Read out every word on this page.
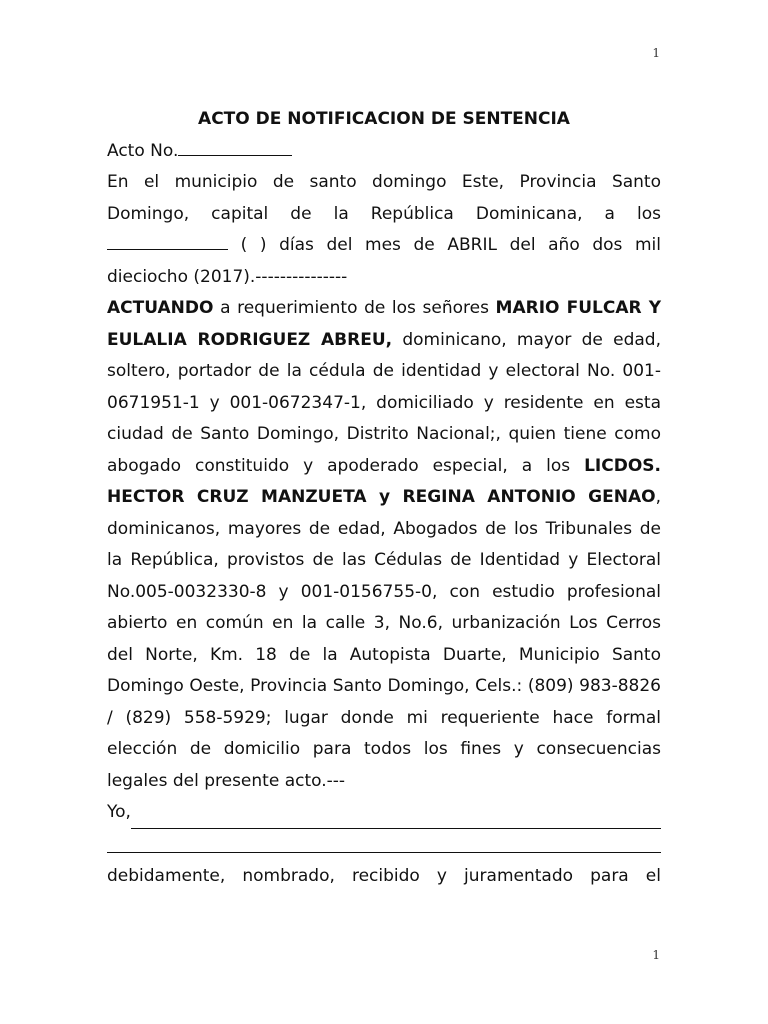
1
ACTO DE NOTIFICACION DE SENTENCIA
Acto No.

En el municipio de santo domingo Este, Provincia Santo Domingo, capital de la República Dominicana, a los  ( ) días del mes de ABRIL del año dos mil dieciocho (2017).---------------

ACTUANDO a requerimiento de los señores MARIO FULCAR Y EULALIA RODRIGUEZ ABREU, dominicano, mayor de edad, soltero, portador de la cédula de identidad y electoral No. 001-0671951-1 y 001-0672347-1, domiciliado y residente en esta ciudad de Santo Domingo, Distrito Nacional;, quien tiene como abogado constituido y apoderado especial, a los LICDOS. HECTOR CRUZ MANZUETA y REGINA ANTONIO GENAO, dominicanos, mayores de edad, Abogados de los Tribunales de la República, provistos de las Cédulas de Identidad y Electoral No.005-0032330-8 y 001-0156755-0, con estudio profesional abierto en común en la calle 3, No.6, urbanización Los Cerros del Norte, Km. 18 de la Autopista Duarte, Municipio Santo Domingo Oeste, Provincia Santo Domingo, Cels.: (809) 983-8826 / (829) 558-5929; lugar donde mi requeriente hace formal elección de domicilio para todos los fines y consecuencias legales del presente acto.---

Yo,

debidamente, nombrado, recibido y juramentado para el

1
